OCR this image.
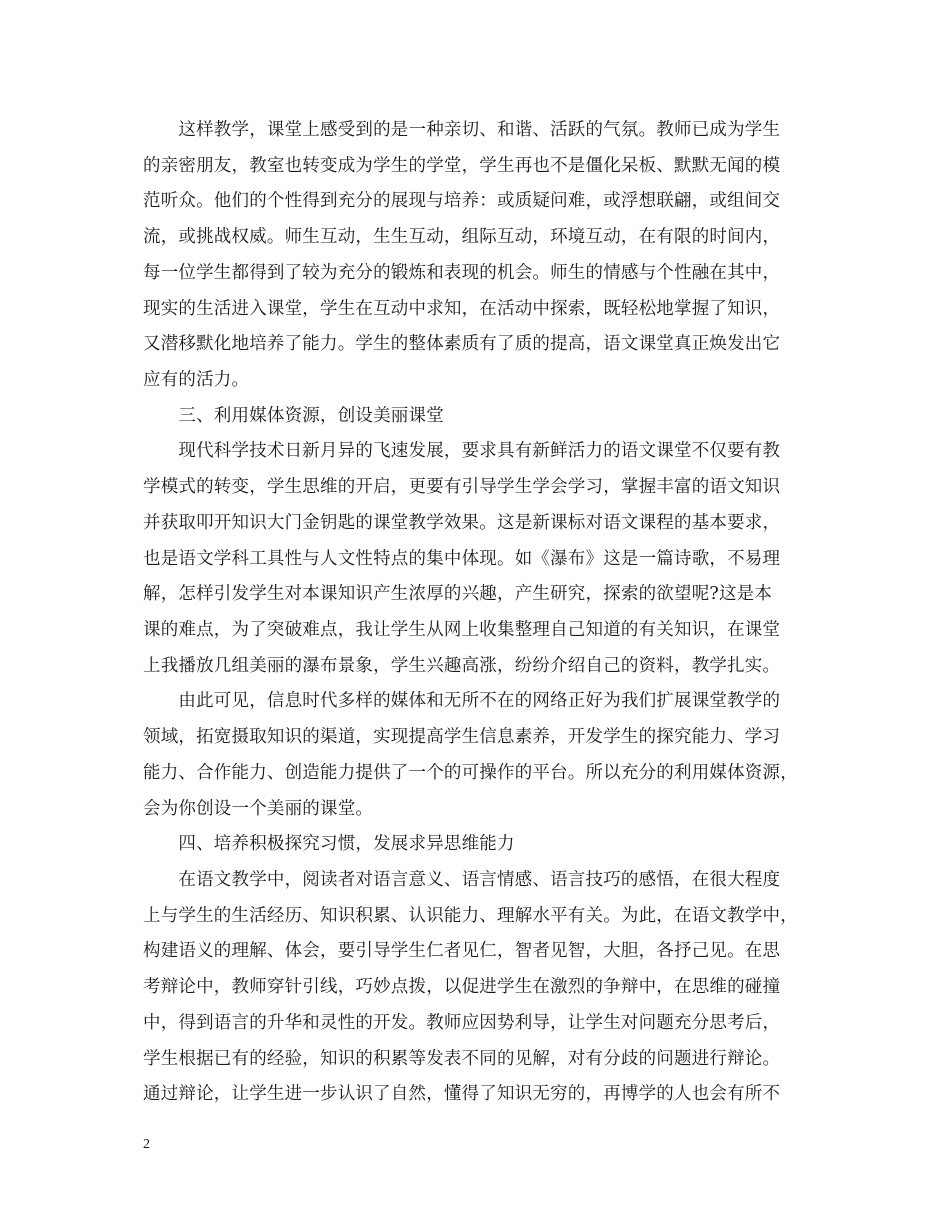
　　这样教学，课堂上感受到的是一种亲切、和谐、活跃的气氛。教师已成为学生
的亲密朋友，教室也转变成为学生的学堂，学生再也不是僵化呆板、默默无闻的模
范听众。他们的个性得到充分的展现与培养：或质疑问难，或浮想联翩，或组间交
流，或挑战权威。师生互动，生生互动，组际互动，环境互动，在有限的时间内，
每一位学生都得到了较为充分的锻炼和表现的机会。师生的情感与个性融在其中，
现实的生活进入课堂，学生在互动中求知，在活动中探索，既轻松地掌握了知识，
又潜移默化地培养了能力。学生的整体素质有了质的提高，语文课堂真正焕发出它
应有的活力。
　　三、利用媒体资源，创设美丽课堂
　　现代科学技术日新月异的飞速发展，要求具有新鲜活力的语文课堂不仅要有教
学模式的转变，学生思维的开启，更要有引导学生学会学习，掌握丰富的语文知识
并获取叩开知识大门金钥匙的课堂教学效果。这是新课标对语文课程的基本要求，
也是语文学科工具性与人文性特点的集中体现。如《瀑布》这是一篇诗歌，不易理
解，怎样引发学生对本课知识产生浓厚的兴趣，产生研究，探索的欲望呢?这是本
课的难点，为了突破难点，我让学生从网上收集整理自己知道的有关知识，在课堂
上我播放几组美丽的瀑布景象，学生兴趣高涨，纷纷介绍自己的资料，教学扎实。
　　由此可见，信息时代多样的媒体和无所不在的网络正好为我们扩展课堂教学的
领域，拓宽摄取知识的渠道，实现提高学生信息素养，开发学生的探究能力、学习
能力、合作能力、创造能力提供了一个的可操作的平台。所以充分的利用媒体资源，
会为你创设一个美丽的课堂。
　　四、培养积极探究习惯，发展求异思维能力
　　在语文教学中，阅读者对语言意义、语言情感、语言技巧的感悟，在很大程度
上与学生的生活经历、知识积累、认识能力、理解水平有关。为此，在语文教学中，
构建语义的理解、体会，要引导学生仁者见仁，智者见智，大胆，各抒己见。在思
考辩论中，教师穿针引线，巧妙点拨，以促进学生在激烈的争辩中，在思维的碰撞
中，得到语言的升华和灵性的开发。教师应因势利导，让学生对问题充分思考后，
学生根据已有的经验，知识的积累等发表不同的见解，对有分歧的问题进行辩论。
通过辩论，让学生进一步认识了自然，懂得了知识无穷的，再博学的人也会有所不
2
